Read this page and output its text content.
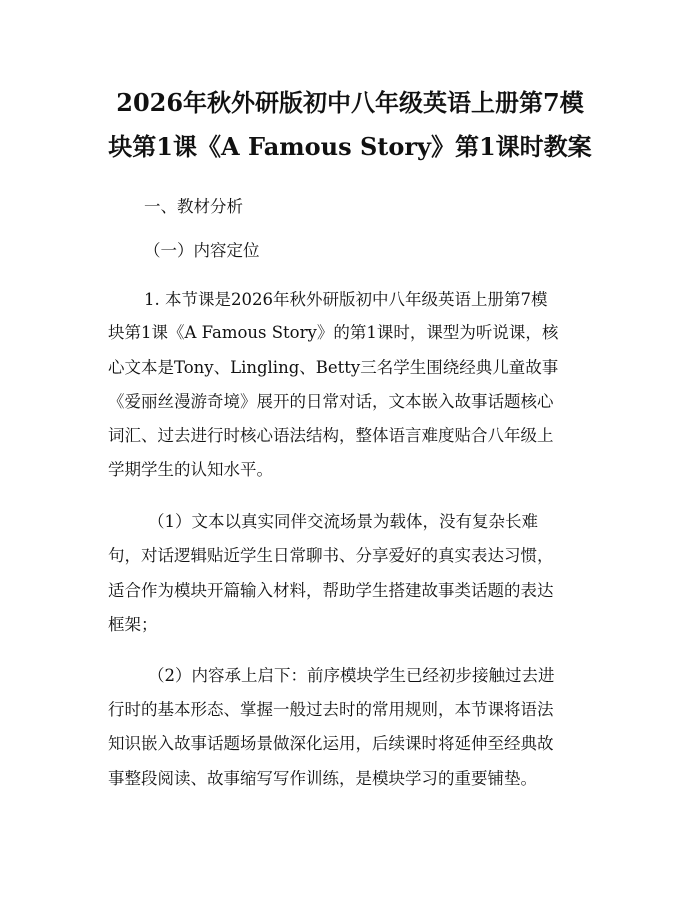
2026年秋外研版初中八年级英语上册第7模
块第1课《A Famous Story》第1课时教案

一、教材分析

（一）内容定位

1. 本节课是2026年秋外研版初中八年级英语上册第7模

块第1课《A Famous Story》的第1课时，课型为听说课，核

心文本是Tony、Lingling、Betty三名学生围绕经典儿童故事

《爱丽丝漫游奇境》展开的日常对话，文本嵌入故事话题核心

词汇、过去进行时核心语法结构，整体语言难度贴合八年级上

学期学生的认知水平。

（1）文本以真实同伴交流场景为载体，没有复杂长难

句，对话逻辑贴近学生日常聊书、分享爱好的真实表达习惯，

适合作为模块开篇输入材料，帮助学生搭建故事类话题的表达

框架；

（2）内容承上启下：前序模块学生已经初步接触过去进

行时的基本形态、掌握一般过去时的常用规则，本节课将语法

知识嵌入故事话题场景做深化运用，后续课时将延伸至经典故

事整段阅读、故事缩写写作训练，是模块学习的重要铺垫。
